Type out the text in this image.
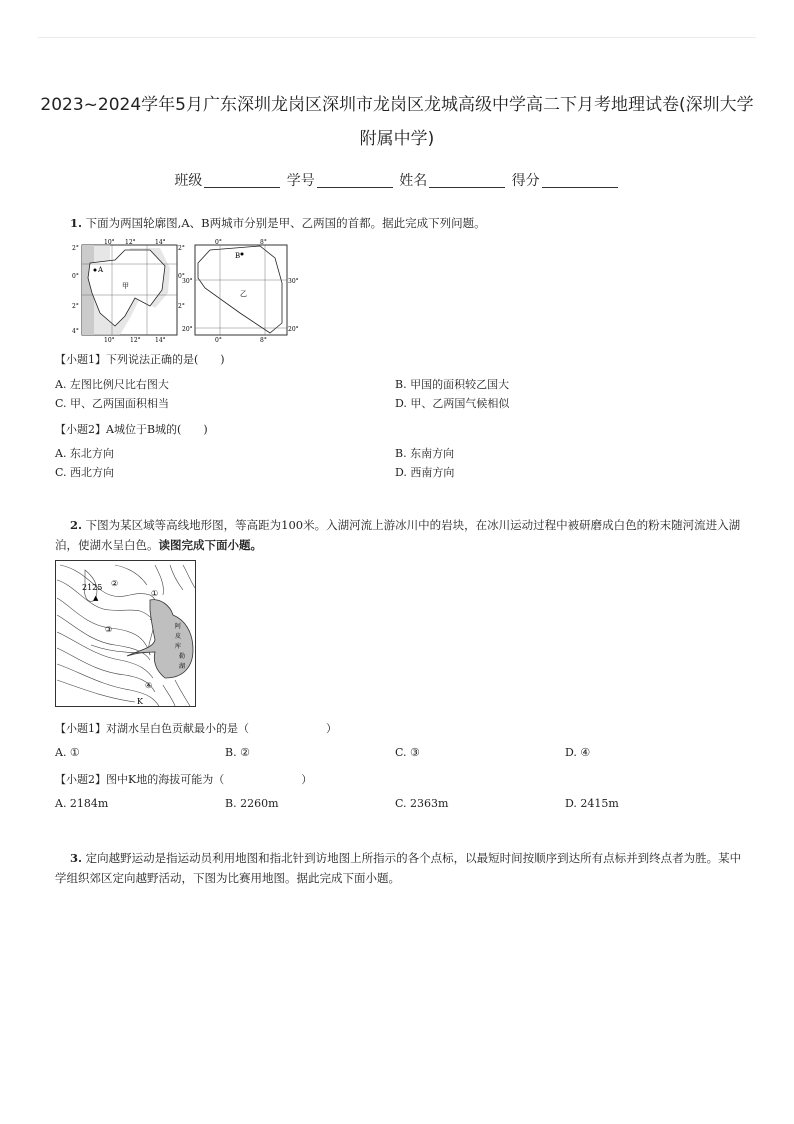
2023~2024学年5月广东深圳龙岗区深圳市龙岗区龙城高级中学高二下月考地理试卷(深圳大学附属中学)
班级	学号	姓名	得分
1. 下面为两国轮廓图,A、B两城市分别是甲、乙两国的首都。据此完成下列问题。
2°
0°
2°
4°
10° 12°	14°
10°	12° 14°
2°
0°
2°
A
甲
0°	8°
0°	8°
30°
20°
30°
20°
B
乙
【小题1】下列说法正确的是(　　)
A. 左图比例尺比右图大	B. 甲国的面积较乙国大
C. 甲、乙两国面积相当	D. 甲、乙两国气候相似
【小题2】A城位于B城的(　　)
A. 东北方向	B. 东南方向
C. 西北方向	D. 西南方向
2. 下图为某区域等高线地形图，等高距为100米。入湖河流上游冰川中的岩块，在冰川运动过程中被研磨成白色的粉末随河流进入湖泊，使湖水呈白色。读图完成下面小题。
2125
▲	①
②
③
④
阿
皮
库
勒
湖
K
【小题1】对湖水呈白色贡献最小的是（　　　　　　　）
A. ①	B. ②	C. ③	D. ④
【小题2】图中K地的海拔可能为（　　　　　　　）
A. 2184m	B. 2260m	C. 2363m	D. 2415m
3. 定向越野运动是指运动员利用地图和指北针到访地图上所指示的各个点标，以最短时间按顺序到达所有点标并到终点者为胜。某中学组织郊区定向越野活动，下图为比赛用地图。据此完成下面小题。
